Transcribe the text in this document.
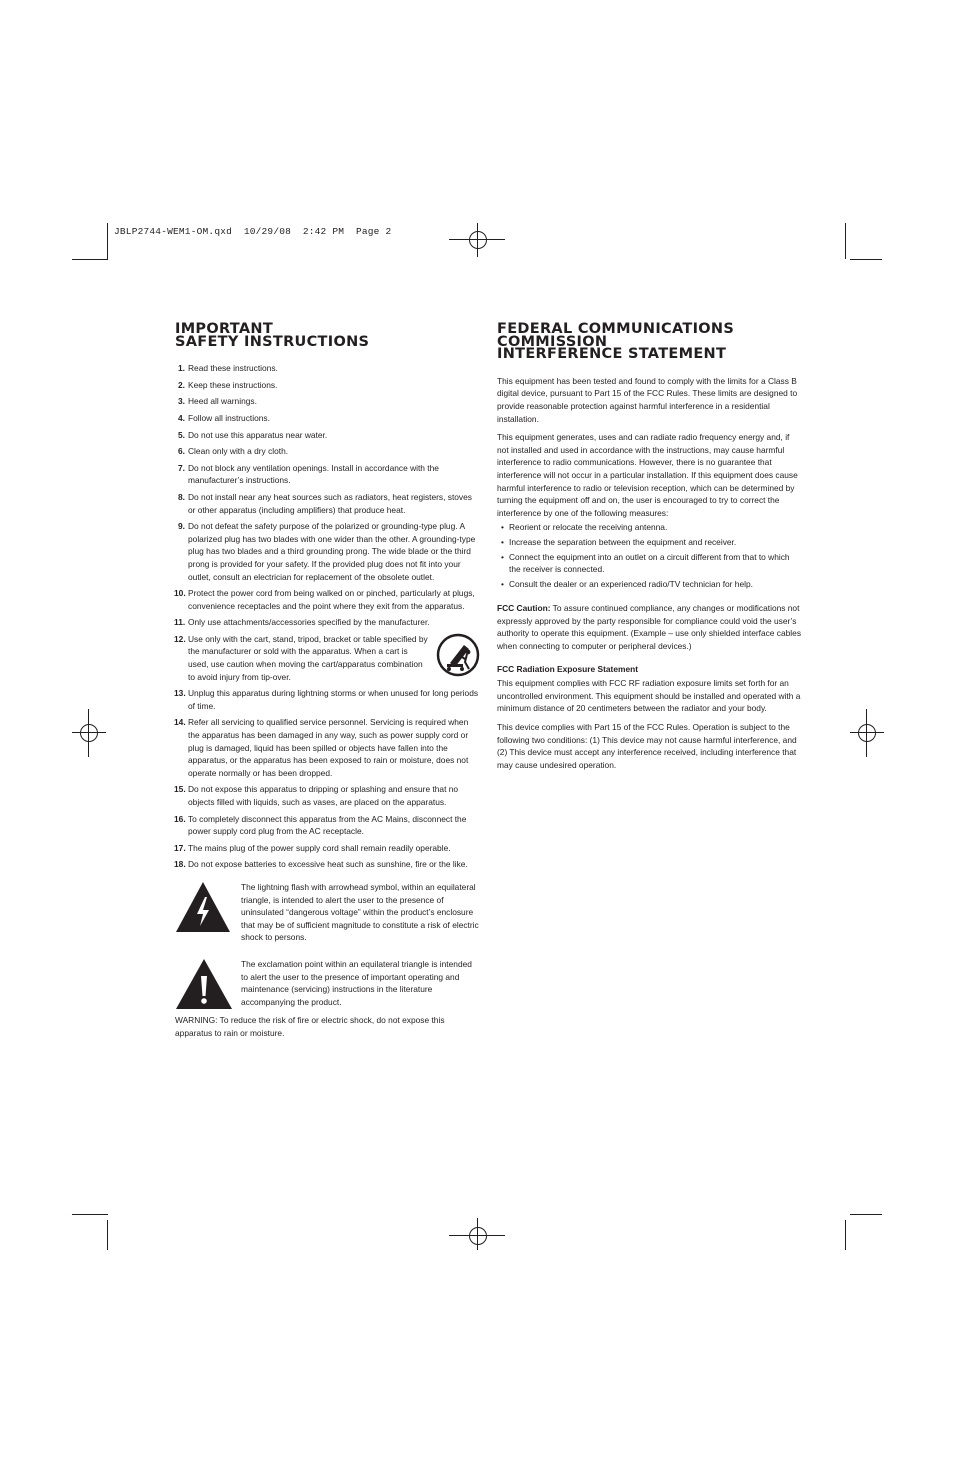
JBLP2744-WEM1-OM.qxd  10/29/08  2:42 PM  Page 2
IMPORTANT
SAFETY INSTRUCTIONS
1. Read these instructions.
2. Keep these instructions.
3. Heed all warnings.
4. Follow all instructions.
5. Do not use this apparatus near water.
6. Clean only with a dry cloth.
7. Do not block any ventilation openings. Install in accordance with the manufacturer’s instructions.
8. Do not install near any heat sources such as radiators, heat registers, stoves or other apparatus (including amplifiers) that produce heat.
9. Do not defeat the safety purpose of the polarized or grounding-type plug. A polarized plug has two blades with one wider than the other. A grounding-type plug has two blades and a third grounding prong. The wide blade or the third prong is provided for your safety. If the provided plug does not fit into your outlet, consult an electrician for replacement of the obsolete outlet.
10. Protect the power cord from being walked on or pinched, particularly at plugs, convenience receptacles and the point where they exit from the apparatus.
11. Only use attachments/accessories specified by the manufacturer.
12. Use only with the cart, stand, tripod, bracket or table specified by the manufacturer or sold with the apparatus. When a cart is used, use caution when moving the cart/apparatus combination to avoid injury from tip-over.
13. Unplug this apparatus during lightning storms or when unused for long periods of time.
14. Refer all servicing to qualified service personnel. Servicing is required when the apparatus has been damaged in any way, such as power supply cord or plug is damaged, liquid has been spilled or objects have fallen into the apparatus, or the apparatus has been exposed to rain or moisture, does not operate normally or has been dropped.
15. Do not expose this apparatus to dripping or splashing and ensure that no objects filled with liquids, such as vases, are placed on the apparatus.
16. To completely disconnect this apparatus from the AC Mains, disconnect the power supply cord plug from the AC receptacle.
17. The mains plug of the power supply cord shall remain readily operable.
18. Do not expose batteries to excessive heat such as sunshine, fire or the like.
The lightning flash with arrowhead symbol, within an equilateral triangle, is intended to alert the user to the presence of uninsulated “dangerous voltage” within the product’s enclosure that may be of sufficient magnitude to constitute a risk of electric shock to persons.
The exclamation point within an equilateral triangle is intended to alert the user to the presence of important operating and maintenance (servicing) instructions in the literature accompanying the product.
WARNING: To reduce the risk of fire or electric shock, do not expose this apparatus to rain or moisture.
FEDERAL COMMUNICATIONS
COMMISSION
INTERFERENCE STATEMENT

This equipment has been tested and found to comply with the limits for a Class B digital device, pursuant to Part 15 of the FCC Rules. These limits are designed to provide reasonable protection against harmful interference in a residential installation.

This equipment generates, uses and can radiate radio frequency energy and, if not installed and used in accordance with the instructions, may cause harmful interference to radio communications. However, there is no guarantee that interference will not occur in a particular installation. If this equipment does cause harmful interference to radio or television reception, which can be determined by turning the equipment off and on, the user is encouraged to try to correct the interference by one of the following measures:

• Reorient or relocate the receiving antenna.
• Increase the separation between the equipment and receiver.
• Connect the equipment into an outlet on a circuit different from that to which the receiver is connected.
• Consult the dealer or an experienced radio/TV technician for help.

FCC Caution: To assure continued compliance, any changes or modifications not expressly approved by the party responsible for compliance could void the user’s authority to operate this equipment. (Example – use only shielded interface cables when connecting to computer or peripheral devices.)

FCC Radiation Exposure Statement

This equipment complies with FCC RF radiation exposure limits set forth for an uncontrolled environment. This equipment should be installed and operated with a minimum distance of 20 centimeters between the radiator and your body.

This device complies with Part 15 of the FCC Rules. Operation is subject to the following two conditions: (1) This device may not cause harmful interference, and (2) This device must accept any interference received, including interference that may cause undesired operation.
